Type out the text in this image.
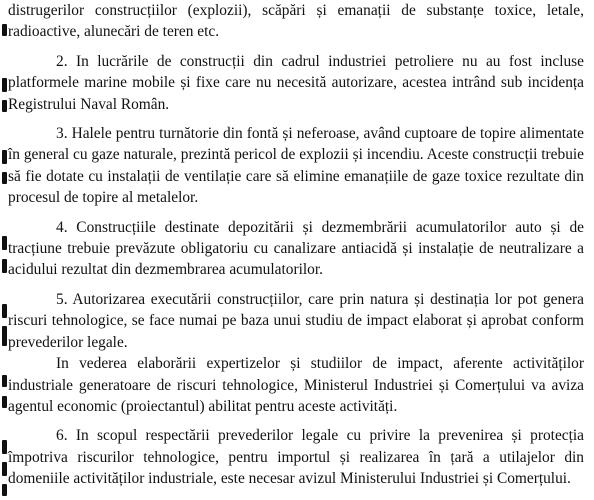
distrugerilor construcțiilor (explozii), scăpări și emanații de substanțe toxice, letale, radioactive, alunecări de teren etc.

2. In lucrările de construcții din cadrul industriei petroliere nu au fost incluse platformele marine mobile și fixe care nu necesită autorizare, acestea intrând sub incidența Registrului Naval Român.

3. Halele pentru turnătorie din fontă și neferoase, având cuptoare de topire alimentate în general cu gaze naturale, prezintă pericol de explozii și incendiu. Aceste construcții trebuie să fie dotate cu instalații de ventilație care să elimine emanațiile de gaze toxice rezultate din procesul de topire al metalelor.

4. Construcțiile destinate depozitării și dezmembrării acumulatorilor auto și de tracțiune trebuie prevăzute obligatoriu cu canalizare antiacidă și instalație de neutralizare a acidului rezultat din dezmembrarea acumulatorilor.

5. Autorizarea executării construcțiilor, care prin natura și destinația lor pot genera riscuri tehnologice, se face numai pe baza unui studiu de impact elaborat și aprobat conform prevederilor legale.

In vederea elaborării expertizelor și studiilor de impact, aferente activităților industriale generatoare de riscuri tehnologice, Ministerul Industriei și Comerțului va aviza agentul economic (proiectantul) abilitat pentru aceste activități.

6. In scopul respectării prevederilor legale cu privire la prevenirea și protecția împotriva riscurilor tehnologice, pentru importul și realizarea în țară a utilajelor din domeniile activităților industriale, este necesar avizul Ministerului Industriei și Comerțului.
